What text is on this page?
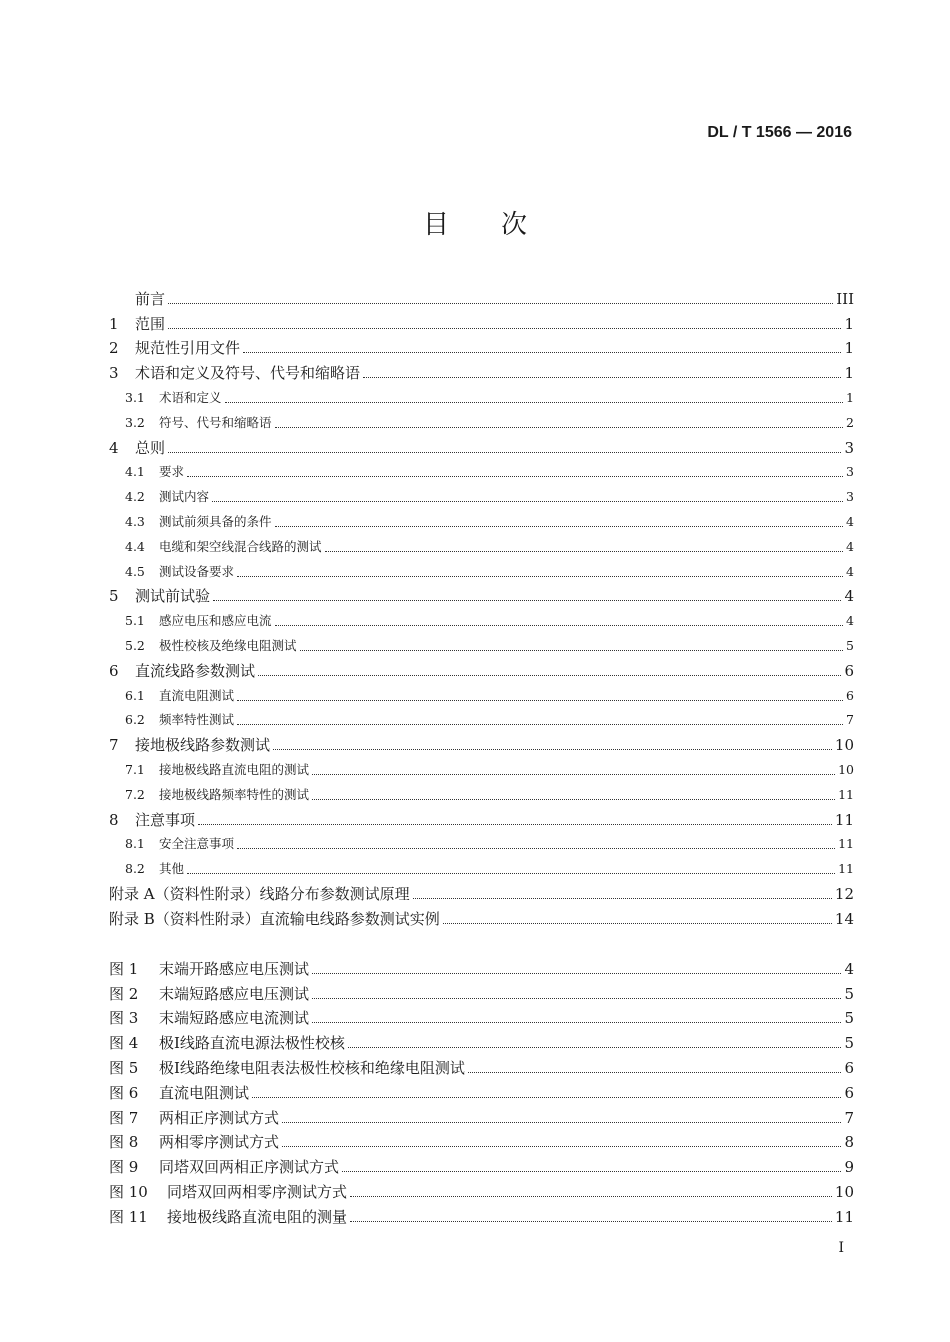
DL / T 1566 — 2016
目次
前言	III
1	范围	1
2	规范性引用文件	1
3	术语和定义及符号、代号和缩略语	1
3.1	术语和定义	1
3.2	符号、代号和缩略语	2
4	总则	3
4.1	要求	3
4.2	测试内容	3
4.3	测试前须具备的条件	4
4.4	电缆和架空线混合线路的测试	4
4.5	测试设备要求	4
5	测试前试验	4
5.1	感应电压和感应电流	4
5.2	极性校核及绝缘电阻测试	5
6	直流线路参数测试	6
6.1	直流电阻测试	6
6.2	频率特性测试	7
7	接地极线路参数测试	10
7.1	接地极线路直流电阻的测试	10
7.2	接地极线路频率特性的测试	11
8	注意事项	11
8.1	安全注意事项	11
8.2	其他	11
附录 A（资料性附录） 线路分布参数测试原理	12
附录 B（资料性附录） 直流输电线路参数测试实例	14
图 1	末端开路感应电压测试	4
图 2	末端短路感应电压测试	5
图 3	末端短路感应电流测试	5
图 4	极Ⅰ线路直流电源法极性校核	5
图 5	极Ⅰ线路绝缘电阻表法极性校核和绝缘电阻测试	6
图 6	直流电阻测试	6
图 7	两相正序测试方式	7
图 8	两相零序测试方式	8
图 9	同塔双回两相正序测试方式	9
图 10	同塔双回两相零序测试方式	10
图 11	接地极线路直流电阻的测量	11
I
